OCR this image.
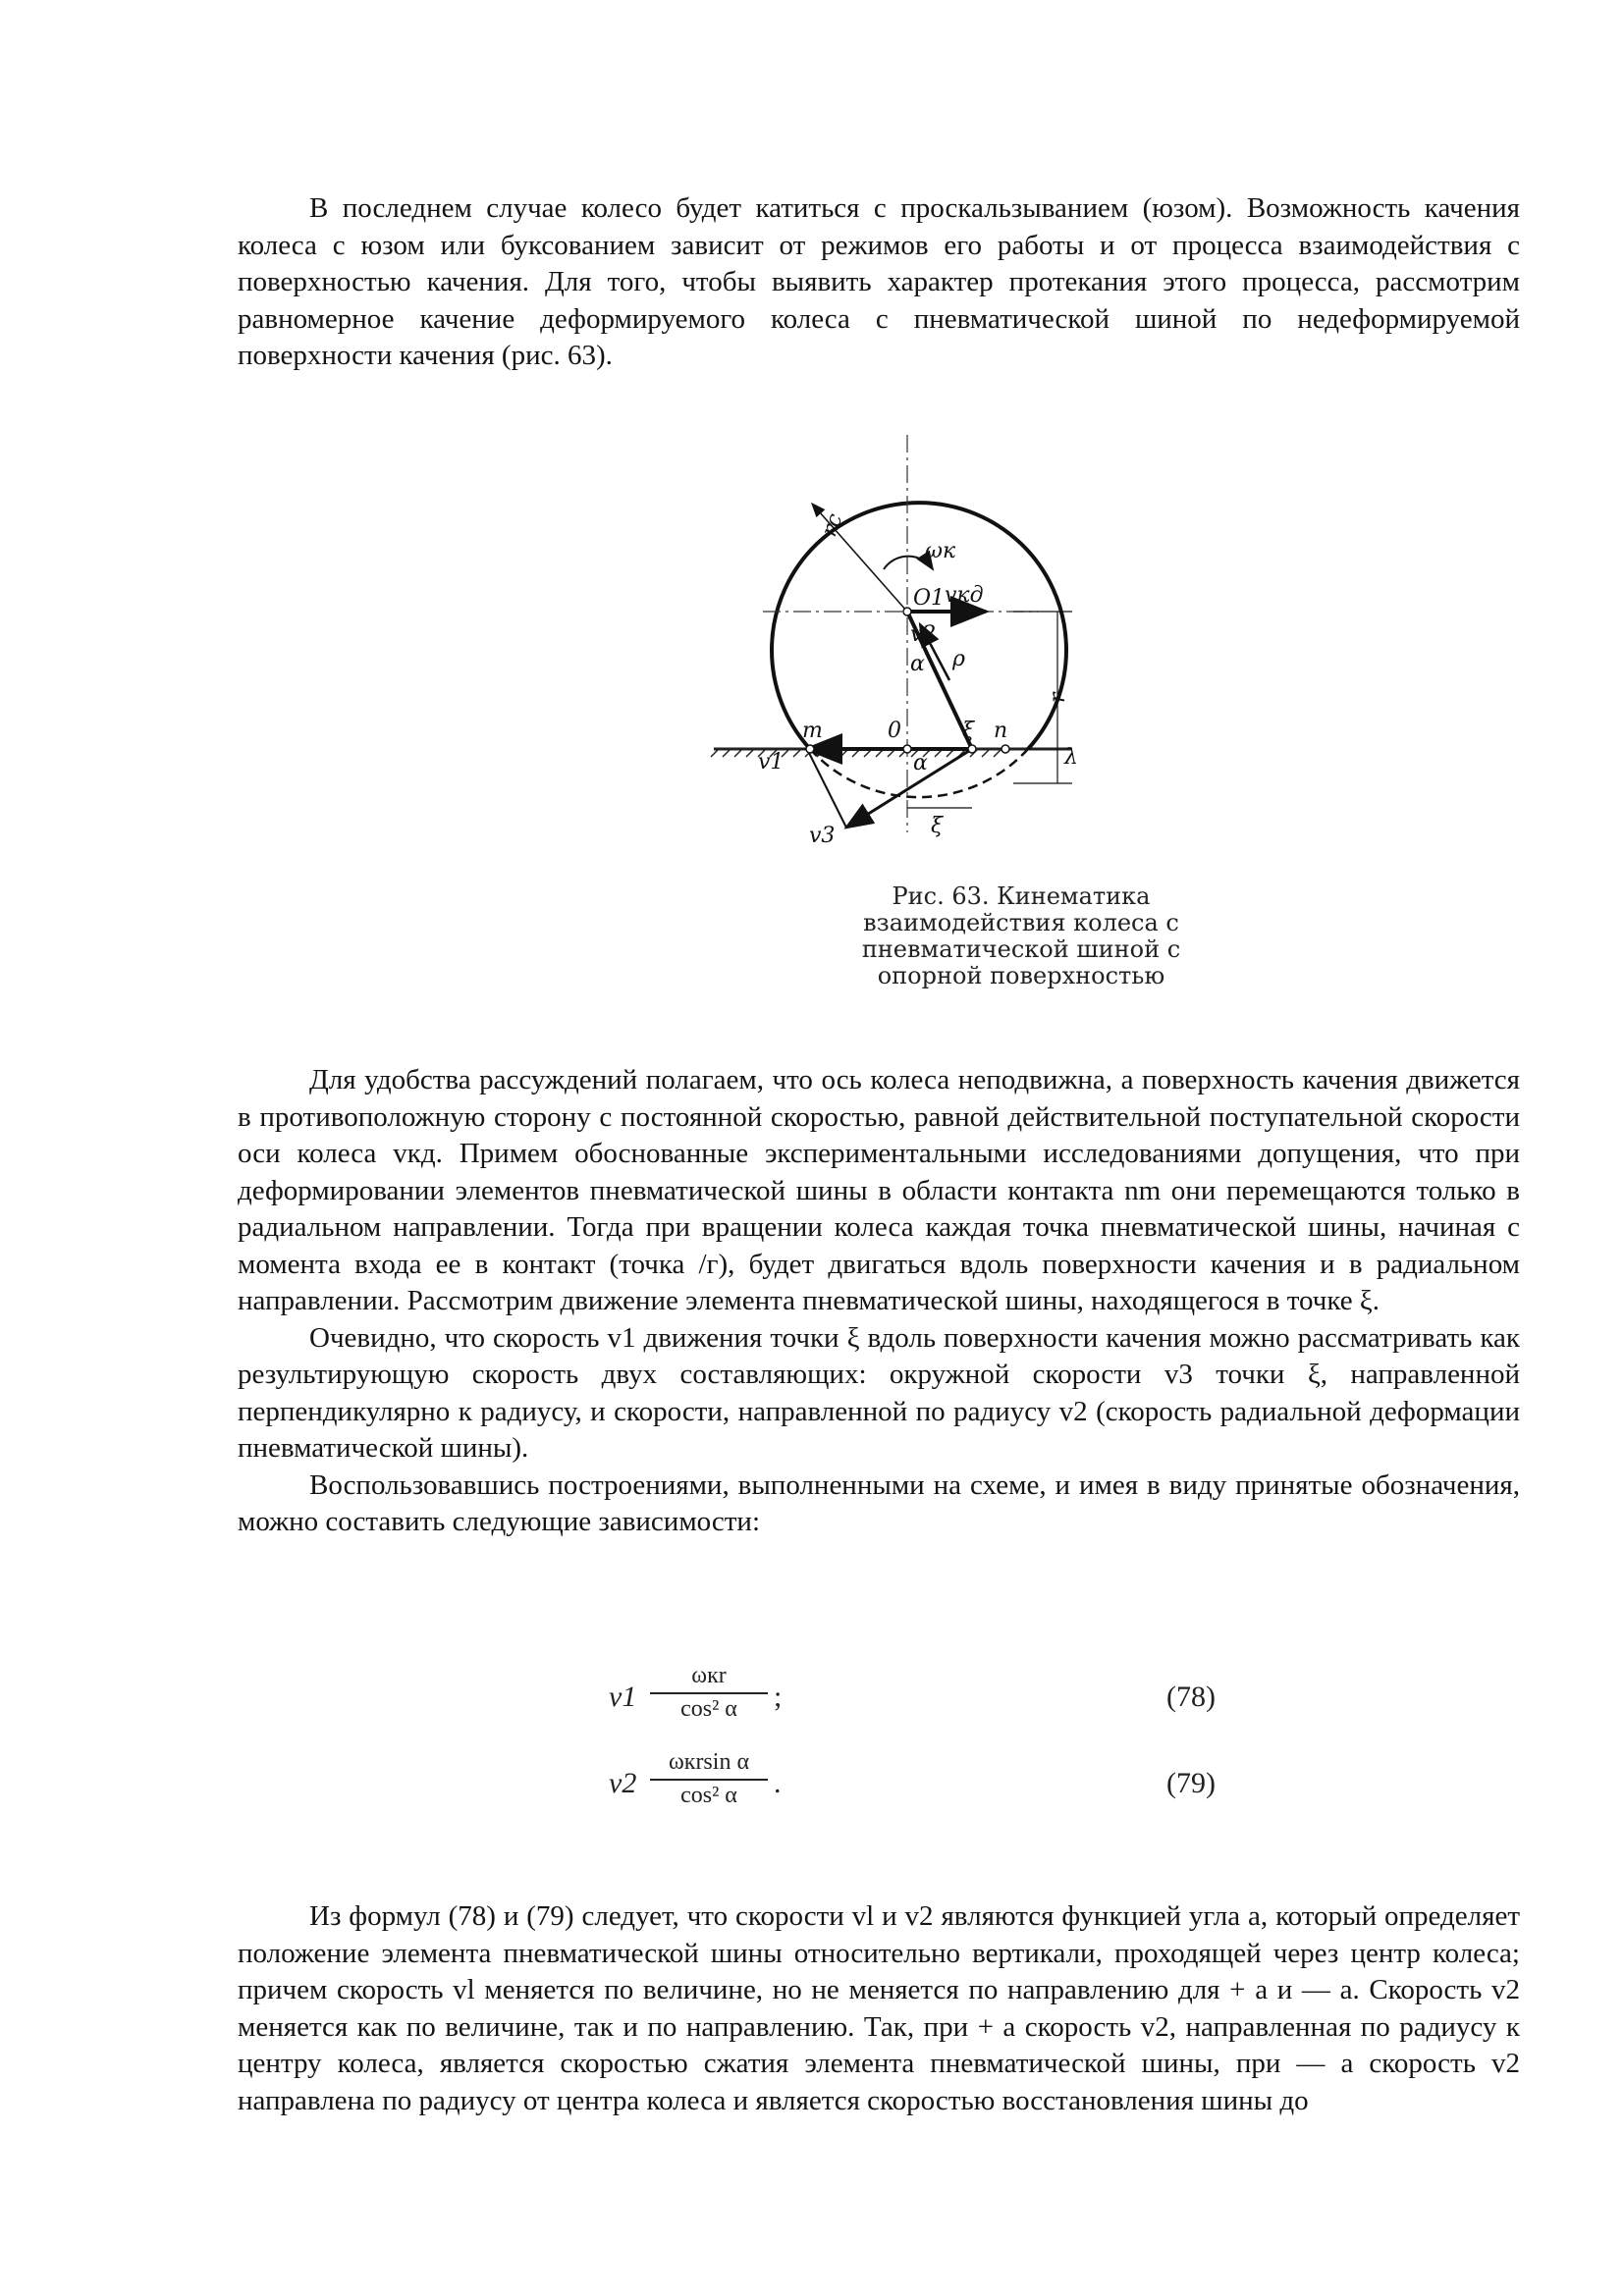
В последнем случае колесо будет катиться с проскальзыванием (юзом). Возможность качения колеса с юзом или буксованием зависит от режимов его работы и от процесса взаимодействия с поверхностью качения. Для того, чтобы выявить характер протекания этого процесса, рассмотрим равномерное качение деформируемого колеса с пневматической шиной по недеформируемой поверхности качения (рис. 63).

rc
ωк
O1 vкд
v2
α ρ
r
m	0	ξ n
v1	α	λ
v3	ξ
Рис. 63. Кинематика взаимодействия колеса с пневматической шиной с опорной поверхностью

Для удобства рассуждений полагаем, что ось колеса неподвижна, а поверхность качения движется в противоположную сторону с постоянной скоростью, равной действительной поступательной скорости оси колеса vкд. Примем обоснованные экспериментальными исследованиями допущения, что при деформировании элементов пневматической шины в области контакта nm они перемещаются только в радиальном направлении. Тогда при вращении колеса каждая точка пневматической шины, начиная с момента входа ее в контакт (точка /г), будет двигаться вдоль поверхности качения и в радиальном направлении. Рассмотрим движение элемента пневматической шины, находящегося в точке ξ.

Очевидно, что скорость v1 движения точки ξ вдоль поверхности качения можно рассматривать как результирующую скорость двух составляющих: окружной скорости v3 точки ξ, направленной перпендикулярно к радиусу, и скорости, направленной по радиусу v2 (скорость радиальной деформации пневматической шины).

Воспользовавшись построениями, выполненными на схеме, и имея в виду принятые обозначения, можно составить следующие зависимости:

v1
ωкr
cos² α	;	(78)
v2
ωкrsin α
cos² α	.	(79)

Из формул (78) и (79) следует, что скорости vl и v2 являются функцией угла а, который определяет положение элемента пневматической шины относительно вертикали, проходящей через центр колеса; причем скорость vl меняется по величине, но не меняется по направлению для + а и — а. Скорость v2 меняется как по величине, так и по направлению. Так, при + а скорость v2, направленная по радиусу к центру колеса, является скоростью сжатия элемента пневматической шины, при — а скорость v2 направлена по радиусу от центра колеса и является скоростью восстановления шины до
